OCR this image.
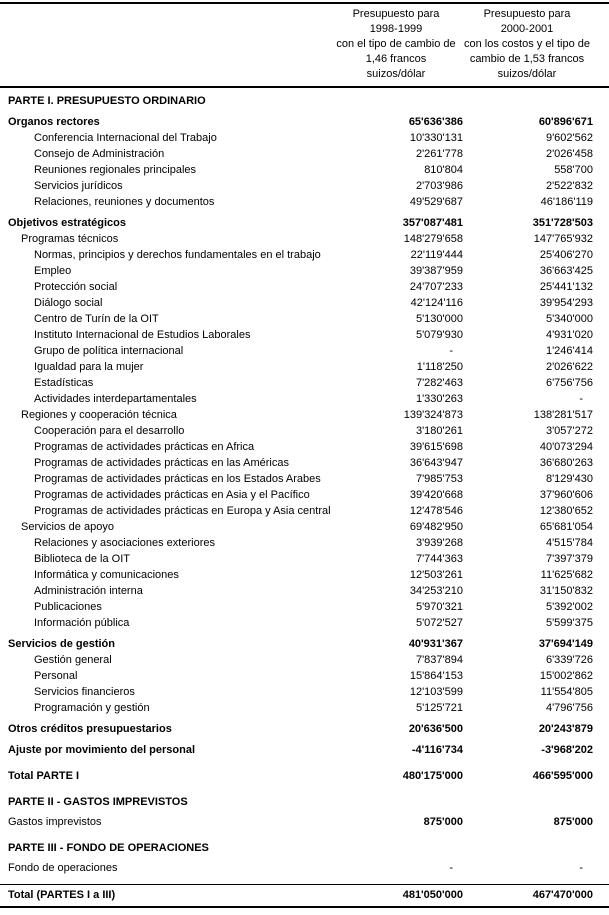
Presupuesto para
1998-1999
con el tipo de cambio de
1,46 francos
suizos/dólar
Presupuesto para
2000-2001
con los costos y el tipo de
cambio de 1,53 francos
suizos/dólar
PARTE I. PRESUPUESTO ORDINARIO
Organos rectores	65'636'386	60'896'671
Conferencia Internacional del Trabajo	10'330'131	9'602'562
Consejo de Administración	2'261'778	2'026'458
Reuniones regionales principales	810'804	558'700
Servicios jurídicos	2'703'986	2'522'832
Relaciones, reuniones y documentos	49'529'687	46'186'119
Objetivos estratégicos	357'087'481	351'728'503
Programas técnicos	148'279'658	147'765'932
Normas, principios y derechos fundamentales en el trabajo	22'119'444	25'406'270
Empleo	39'387'959	36'663'425
Protección social	24'707'233	25'441'132
Diálogo social	42'124'116	39'954'293
Centro de Turín de la OIT	5'130'000	5'340'000
Instituto Internacional de Estudios Laborales	5'079'930	4'931'020
Grupo de política internacional	-	1'246'414
Igualdad para la mujer	1'118'250	2'026'622
Estadísticas	7'282'463	6'756'756
Actividades interdepartamentales	1'330'263	-
Regiones y cooperación técnica	139'324'873	138'281'517
Cooperación para el desarrollo	3'180'261	3'057'272
Programas de actividades prácticas en Africa	39'615'698	40'073'294
Programas de actividades prácticas en las Américas	36'643'947	36'680'263
Programas de actividades prácticas en los Estados Arabes	7'985'753	8'129'430
Programas de actividades prácticas en Asia y el Pacífico	39'420'668	37'960'606
Programas de actividades prácticas en Europa y Asia central	12'478'546	12'380'652
Servicios de apoyo	69'482'950	65'681'054
Relaciones y asociaciones exteriores	3'939'268	4'515'784
Biblioteca de la OIT	7'744'363	7'397'379
Informática y comunicaciones	12'503'261	11'625'682
Administración interna	34'253'210	31'150'832
Publicaciones	5'970'321	5'392'002
Información pública	5'072'527	5'599'375
Servicios de gestión	40'931'367	37'694'149
Gestión general	7'837'894	6'339'726
Personal	15'864'153	15'002'862
Servicios financieros	12'103'599	11'554'805
Programación y gestión	5'125'721	4'796'756
Otros créditos presupuestarios	20'636'500	20'243'879
Ajuste por movimiento del personal	-4'116'734	-3'968'202
Total PARTE I	480'175'000	466'595'000
PARTE II - GASTOS IMPREVISTOS
Gastos imprevistos	875'000	875'000
PARTE III - FONDO DE OPERACIONES
Fondo de operaciones	-	-
Total (PARTES I a III)	481'050'000	467'470'000
